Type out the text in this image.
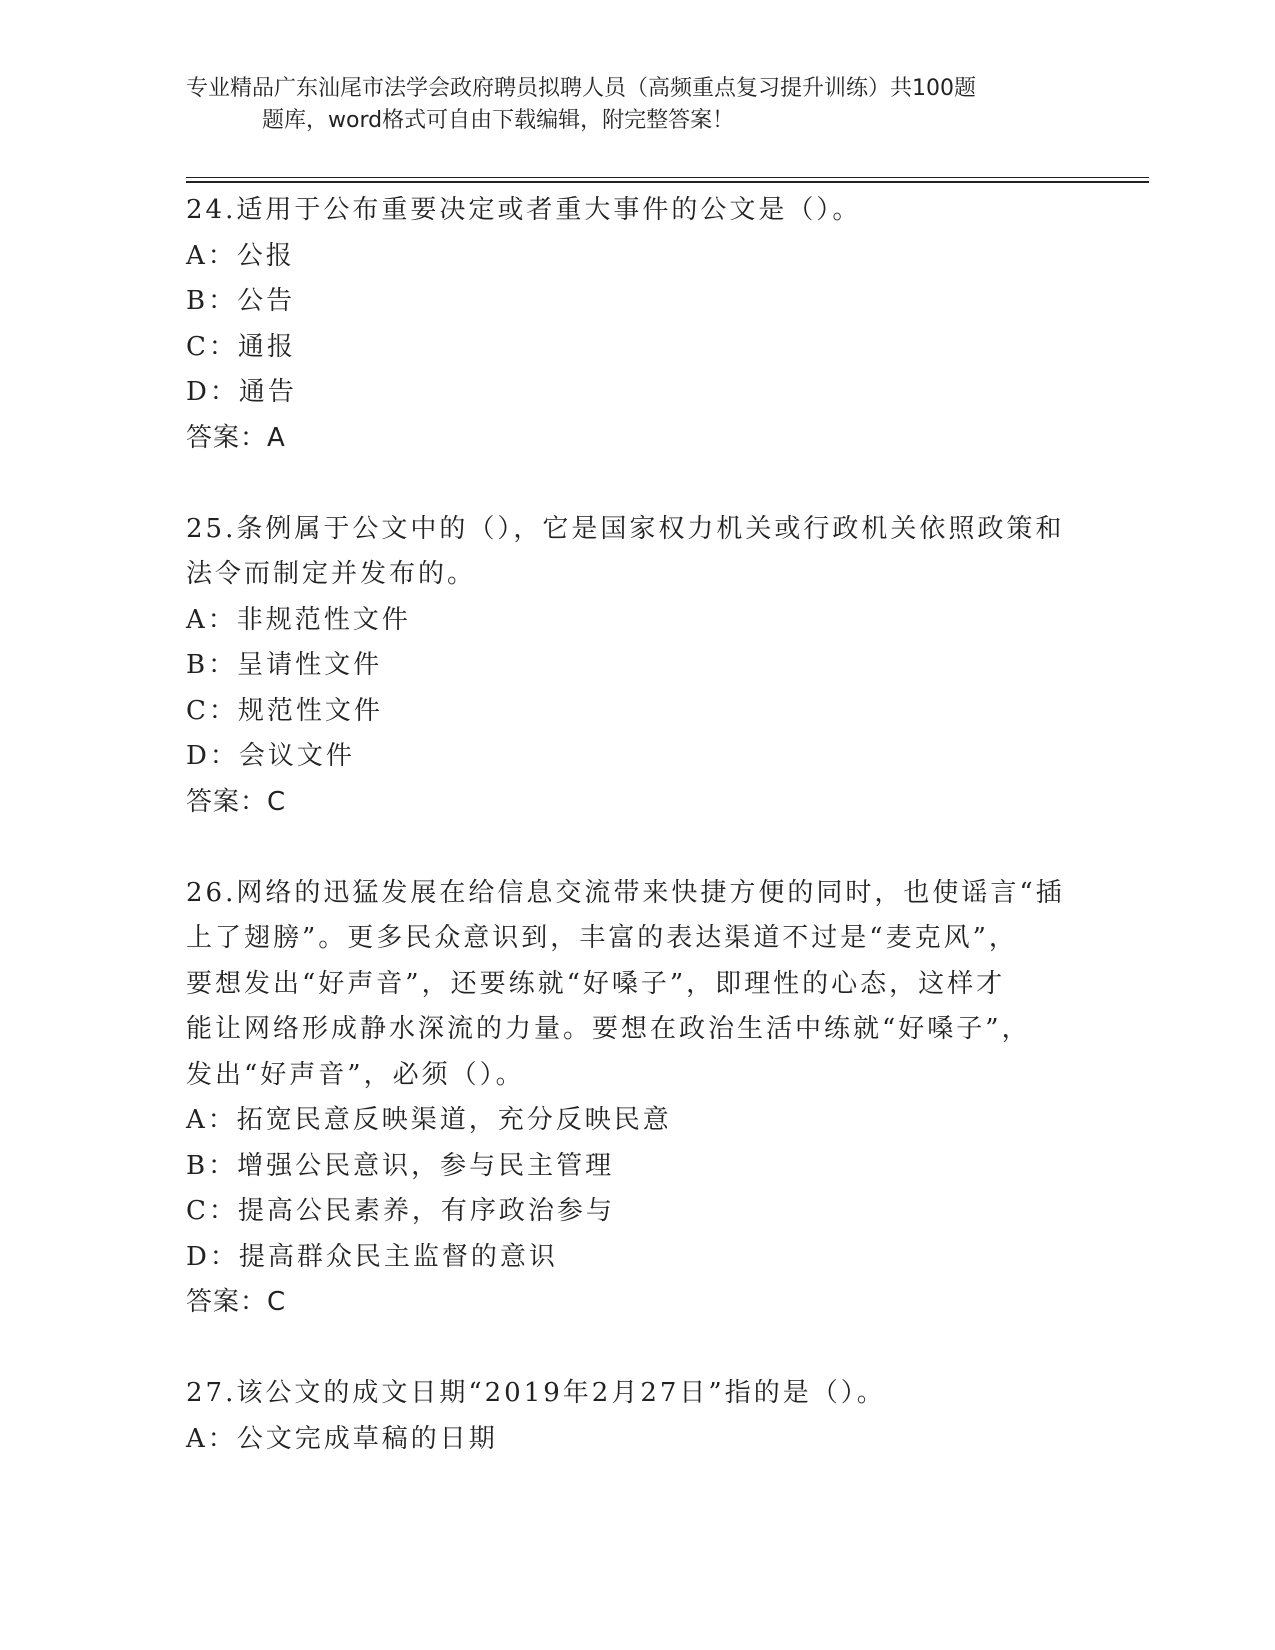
专业精品广东汕尾市法学会政府聘员拟聘人员（高频重点复习提升训练）共100题
题库，word格式可自由下载编辑，附完整答案！

24.适用于公布重要决定或者重大事件的公文是（）。

A：公报

B：公告

C：通报

D：通告

答案：A

25.条例属于公文中的（），它是国家权力机关或行政机关依照政策和

法令而制定并发布的。

A：非规范性文件

B：呈请性文件

C：规范性文件

D：会议文件

答案：C

26.网络的迅猛发展在给信息交流带来快捷方便的同时，也使谣言“插

上了翅膀”。更多民众意识到，丰富的表达渠道不过是“麦克风”，

要想发出“好声音”，还要练就“好嗓子”，即理性的心态，这样才

能让网络形成静水深流的力量。要想在政治生活中练就“好嗓子”，

发出“好声音”，必须（）。

A：拓宽民意反映渠道，充分反映民意

B：增强公民意识，参与民主管理

C：提高公民素养，有序政治参与

D：提高群众民主监督的意识

答案：C

27.该公文的成文日期“2019年2月27日”指的是（）。

A：公文完成草稿的日期
